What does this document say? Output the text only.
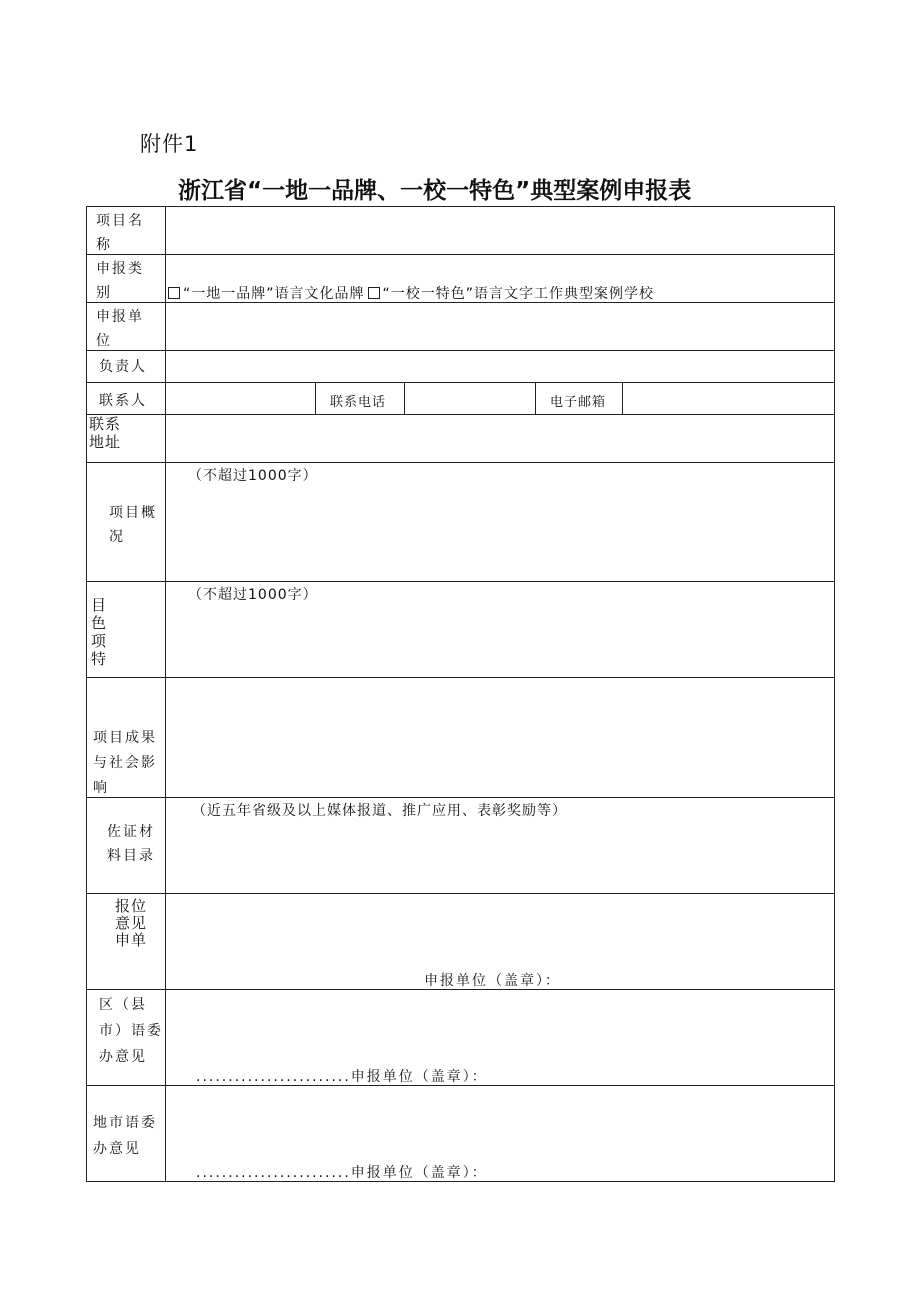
附件1
浙江省“一地一品牌、一校一特色”典型案例申报表
项目名称					

申报类别	“一地一品牌”语言文化品牌 “一校一特色”语言文字工作典型案例学校				

申报单位					

负责人					

联系人		联系电话		电子邮箱	

联系地址					

项目概况	（不超过1000字）				

目色项特	（不超过1000字）				

项目成果与社会影响					

佐证材料目录	（近五年省级及以上媒体报道、推广应用、表彰奖励等）				

报位意见申单	申报单位（盖章）：				

区（县市）语委办意见	........................申报单位（盖章）：				

地市语委办意见	........................申报单位（盖章）：				
